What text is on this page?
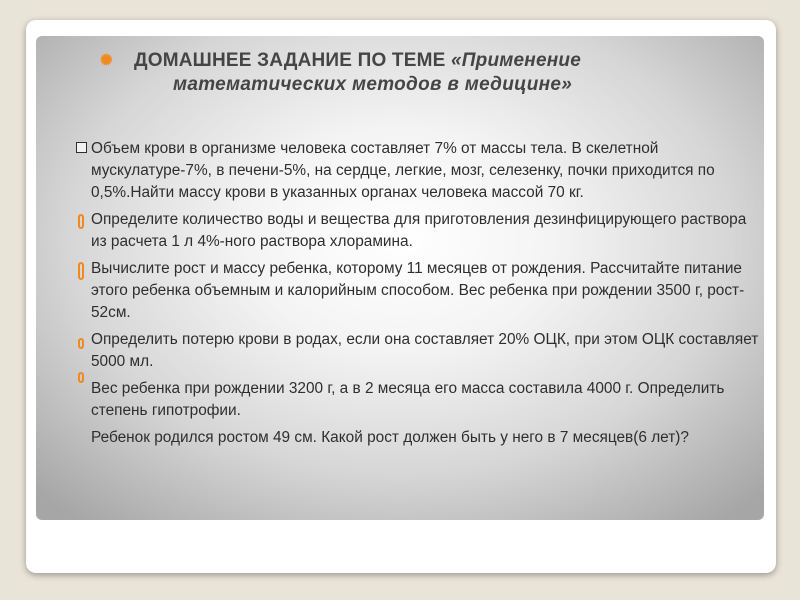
✺ ДОМАШНЕЕ ЗАДАНИЕ ПО ТЕМЕ «Применение
математических методов в медицине»

Объем крови в организме человека составляет 7% от массы тела. В скелетной мускулатуре-7%, в печени-5%, на сердце, легкие, мозг, селезенку, почки приходится по 0,5%.Найти массу крови в указанных органах человека массой 70 кг.

Определите количество воды и вещества для приготовления дезинфицирующего раствора из расчета 1 л 4%-ного раствора хлорамина.

Вычислите рост и массу ребенка, которому 11 месяцев от рождения. Рассчитайте питание этого ребенка объемным и калорийным способом. Вес ребенка при рождении 3500 г, рост- 52см.

Определить потерю крови в родах, если она составляет 20% ОЦК, при этом ОЦК составляет 5000 мл.

Вес ребенка при рождении 3200 г, а в 2 месяца его масса составила 4000 г. Определить степень гипотрофии.

Ребенок родился ростом 49 см. Какой рост должен быть у него в 7 месяцев(6 лет)?
